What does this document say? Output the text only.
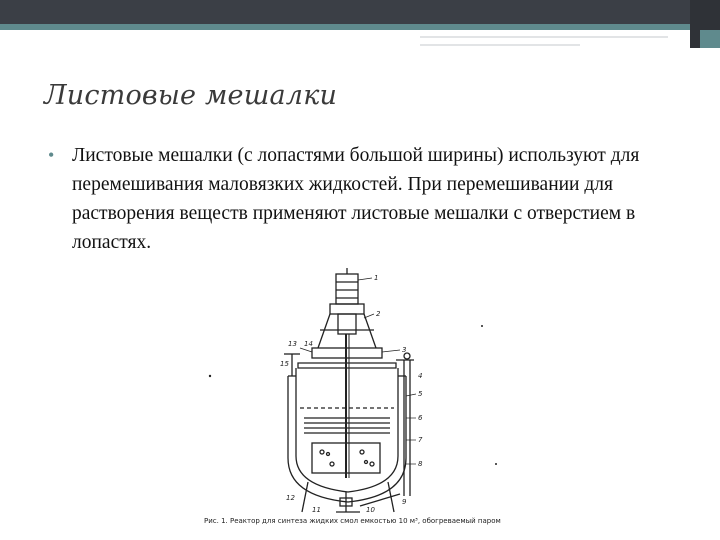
Листовые мешалки
• Листовые мешалки (с лопастями большой ширины) используют для перемешивания маловязких жидкостей. При перемешивании для растворения веществ применяют листовые мешалки с отверстием в лопастях.
1
2
3
4
5
6
7
8
9
10
11
12
13 14
15
Рис. 1. Реактор для синтеза жидких смол емкостью 10 м³, обогреваемый паром
